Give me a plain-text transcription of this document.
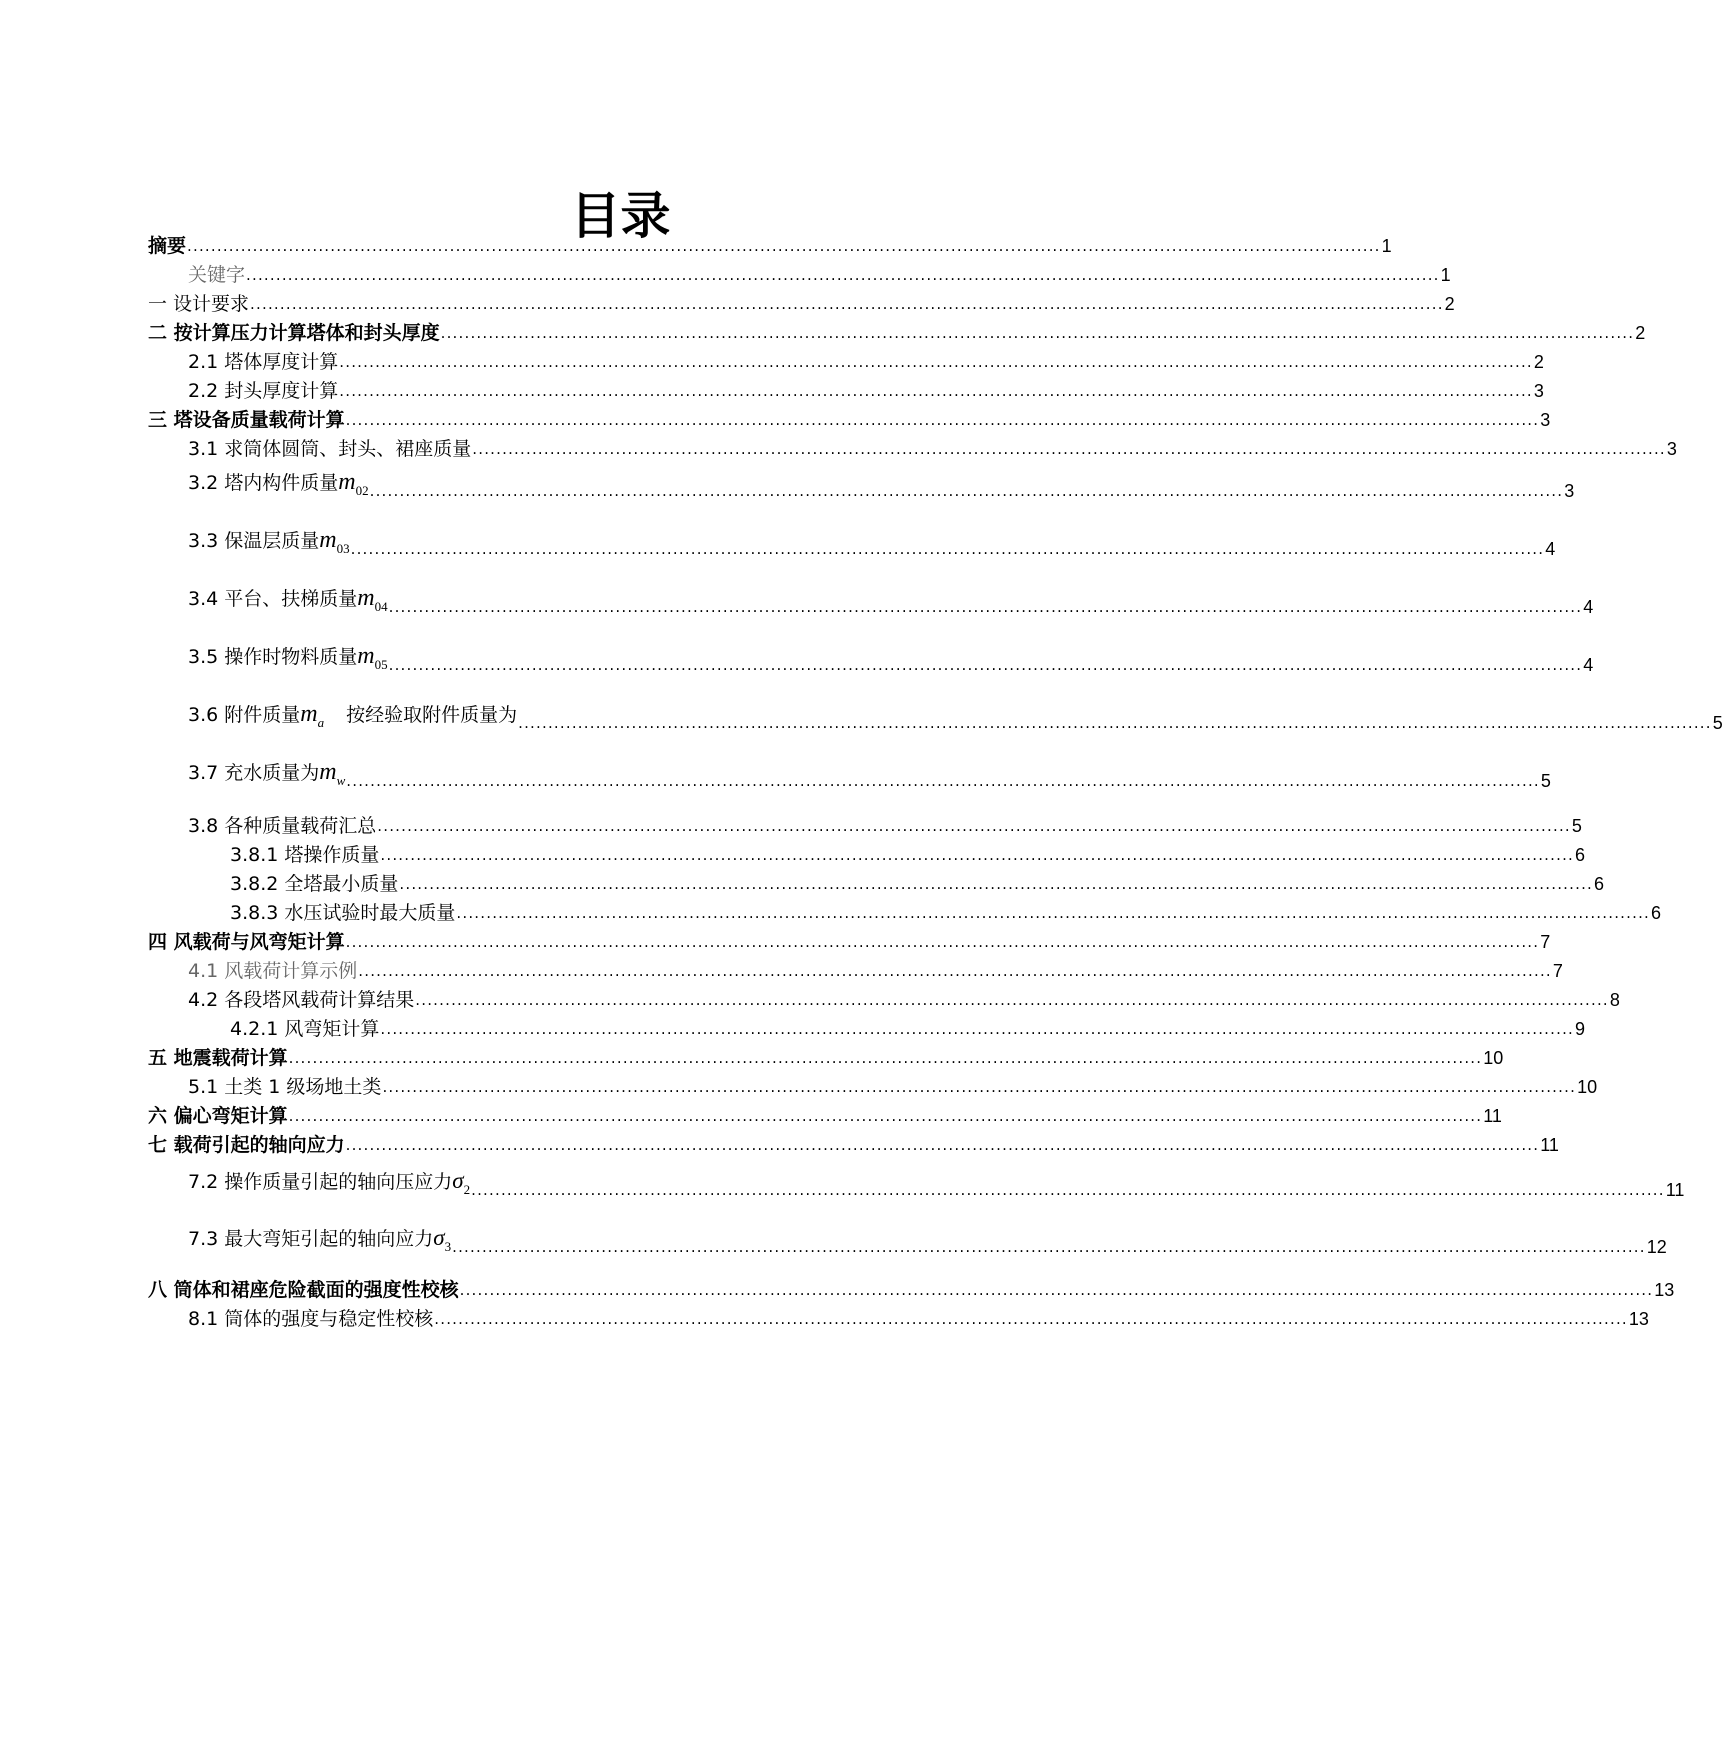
目录
摘要 ........................................................................................................................................................................................................ 1
关键字 ........................................................................................................................................................................................................ 1
一 设计要求 ........................................................................................................................................................................................................ 2
二 按计算压力计算塔体和封头厚度 ........................................................................................................................................................................................................ 2
2.1 塔体厚度计算 ........................................................................................................................................................................................................ 2
2.2 封头厚度计算 ........................................................................................................................................................................................................ 3
三 塔设备质量载荷计算 ........................................................................................................................................................................................................ 3
3.1 求筒体圆筒、封头、裙座质量 ........................................................................................................................................................................................................ 3
3.2 塔内构件质量$m_{02}$ ........................................................................................................................................................................................................ 3
3.3 保温层质量$m_{03}$ ........................................................................................................................................................................................................ 4
3.4 平台、扶梯质量$m_{04}$ ........................................................................................................................................................................................................ 4
3.5 操作时物料质量$m_{05}$ ........................................................................................................................................................................................................ 4
3.6 附件质量$m_a$ 按经验取附件质量为 ........................................................................................................................................................................................................ 5
3.7 充水质量为$m_w$ ........................................................................................................................................................................................................ 5
3.8 各种质量载荷汇总 ........................................................................................................................................................................................................ 5
3.8.1 塔操作质量 ........................................................................................................................................................................................................ 6
3.8.2 全塔最小质量 ........................................................................................................................................................................................................ 6
3.8.3 水压试验时最大质量 ........................................................................................................................................................................................................ 6
四 风载荷与风弯矩计算 ........................................................................................................................................................................................................ 7
4.1 风载荷计算示例 ........................................................................................................................................................................................................ 7
4.2 各段塔风载荷计算结果 ........................................................................................................................................................................................................ 8
4.2.1 风弯矩计算 ........................................................................................................................................................................................................ 9
五 地震载荷计算 ........................................................................................................................................................................................................ 10
5.1 土类 1 级场地土类 ........................................................................................................................................................................................................ 10
六 偏心弯矩计算 ........................................................................................................................................................................................................ 11
七 载荷引起的轴向应力 ........................................................................................................................................................................................................ 11
7.2 操作质量引起的轴向压应力$\sigma_2$ ........................................................................................................................................................................................................ 11
7.3 最大弯矩引起的轴向应力$\sigma_3$ ........................................................................................................................................................................................................ 12
八 筒体和裙座危险截面的强度性校核 ........................................................................................................................................................................................................ 13
8.1 筒体的强度与稳定性校核 ........................................................................................................................................................................................................ 13
